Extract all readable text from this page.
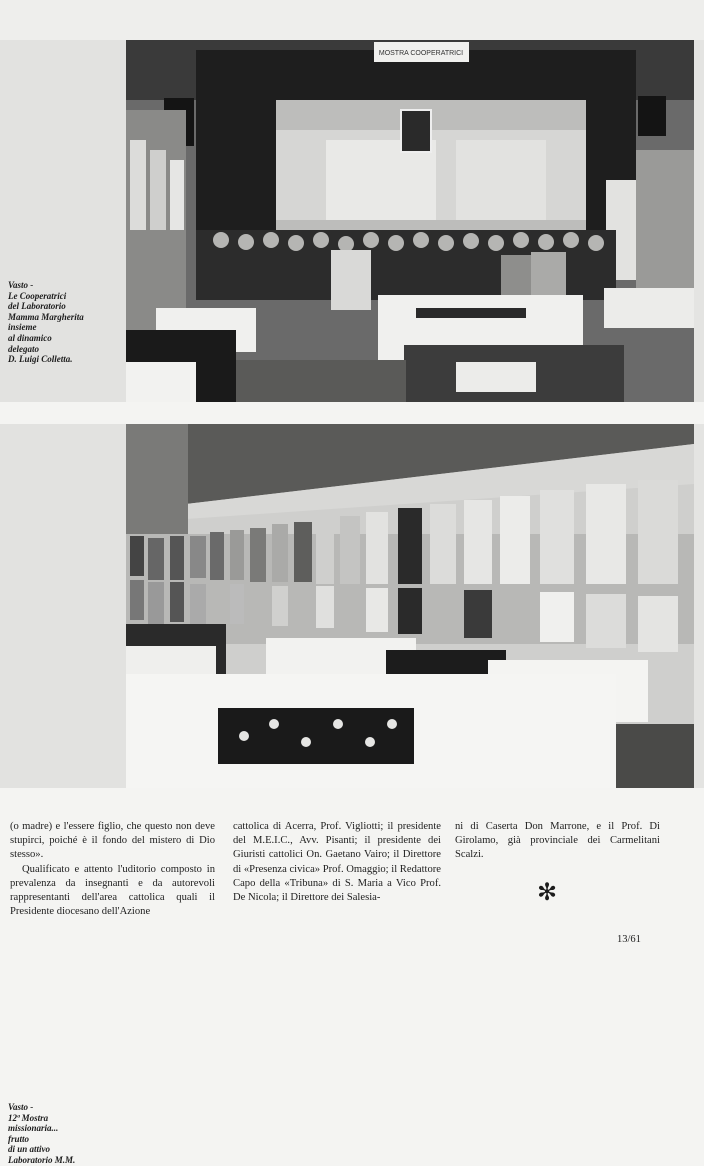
MOSTRA COOPERATRICI
Vasto -
Le Cooperatrici
del Laboratorio
Mamma Margherita
insieme
al dinamico
delegato
D. Luigi Colletta.
Vasto -
12ª Mostra
missionaria...
frutto
di un attivo
Laboratorio M.M.

(o madre) e l'essere figlio, che questo non deve stupirci, poiché è il fondo del mistero di Dio stesso».

Qualificato e attento l'uditorio composto in prevalenza da insegnanti e da autorevoli rappresentanti dell'area cattolica quali il Presidente diocesano dell'Azione

cattolica di Acerra, Prof. Vigliotti; il presidente del M.E.I.C., Avv. Pisanti; il presidente dei Giuristi cattolici On. Gaetano Vairo; il Direttore di «Presenza civica» Prof. Omaggio; il Redattore Capo della «Tribuna» di S. Maria a Vico Prof. De Nicola; il Direttore dei Salesia-

ni di Caserta Don Marrone, e il Prof. Di Girolamo, già provinciale dei Carmelitani Scalzi.

✻
13/61
